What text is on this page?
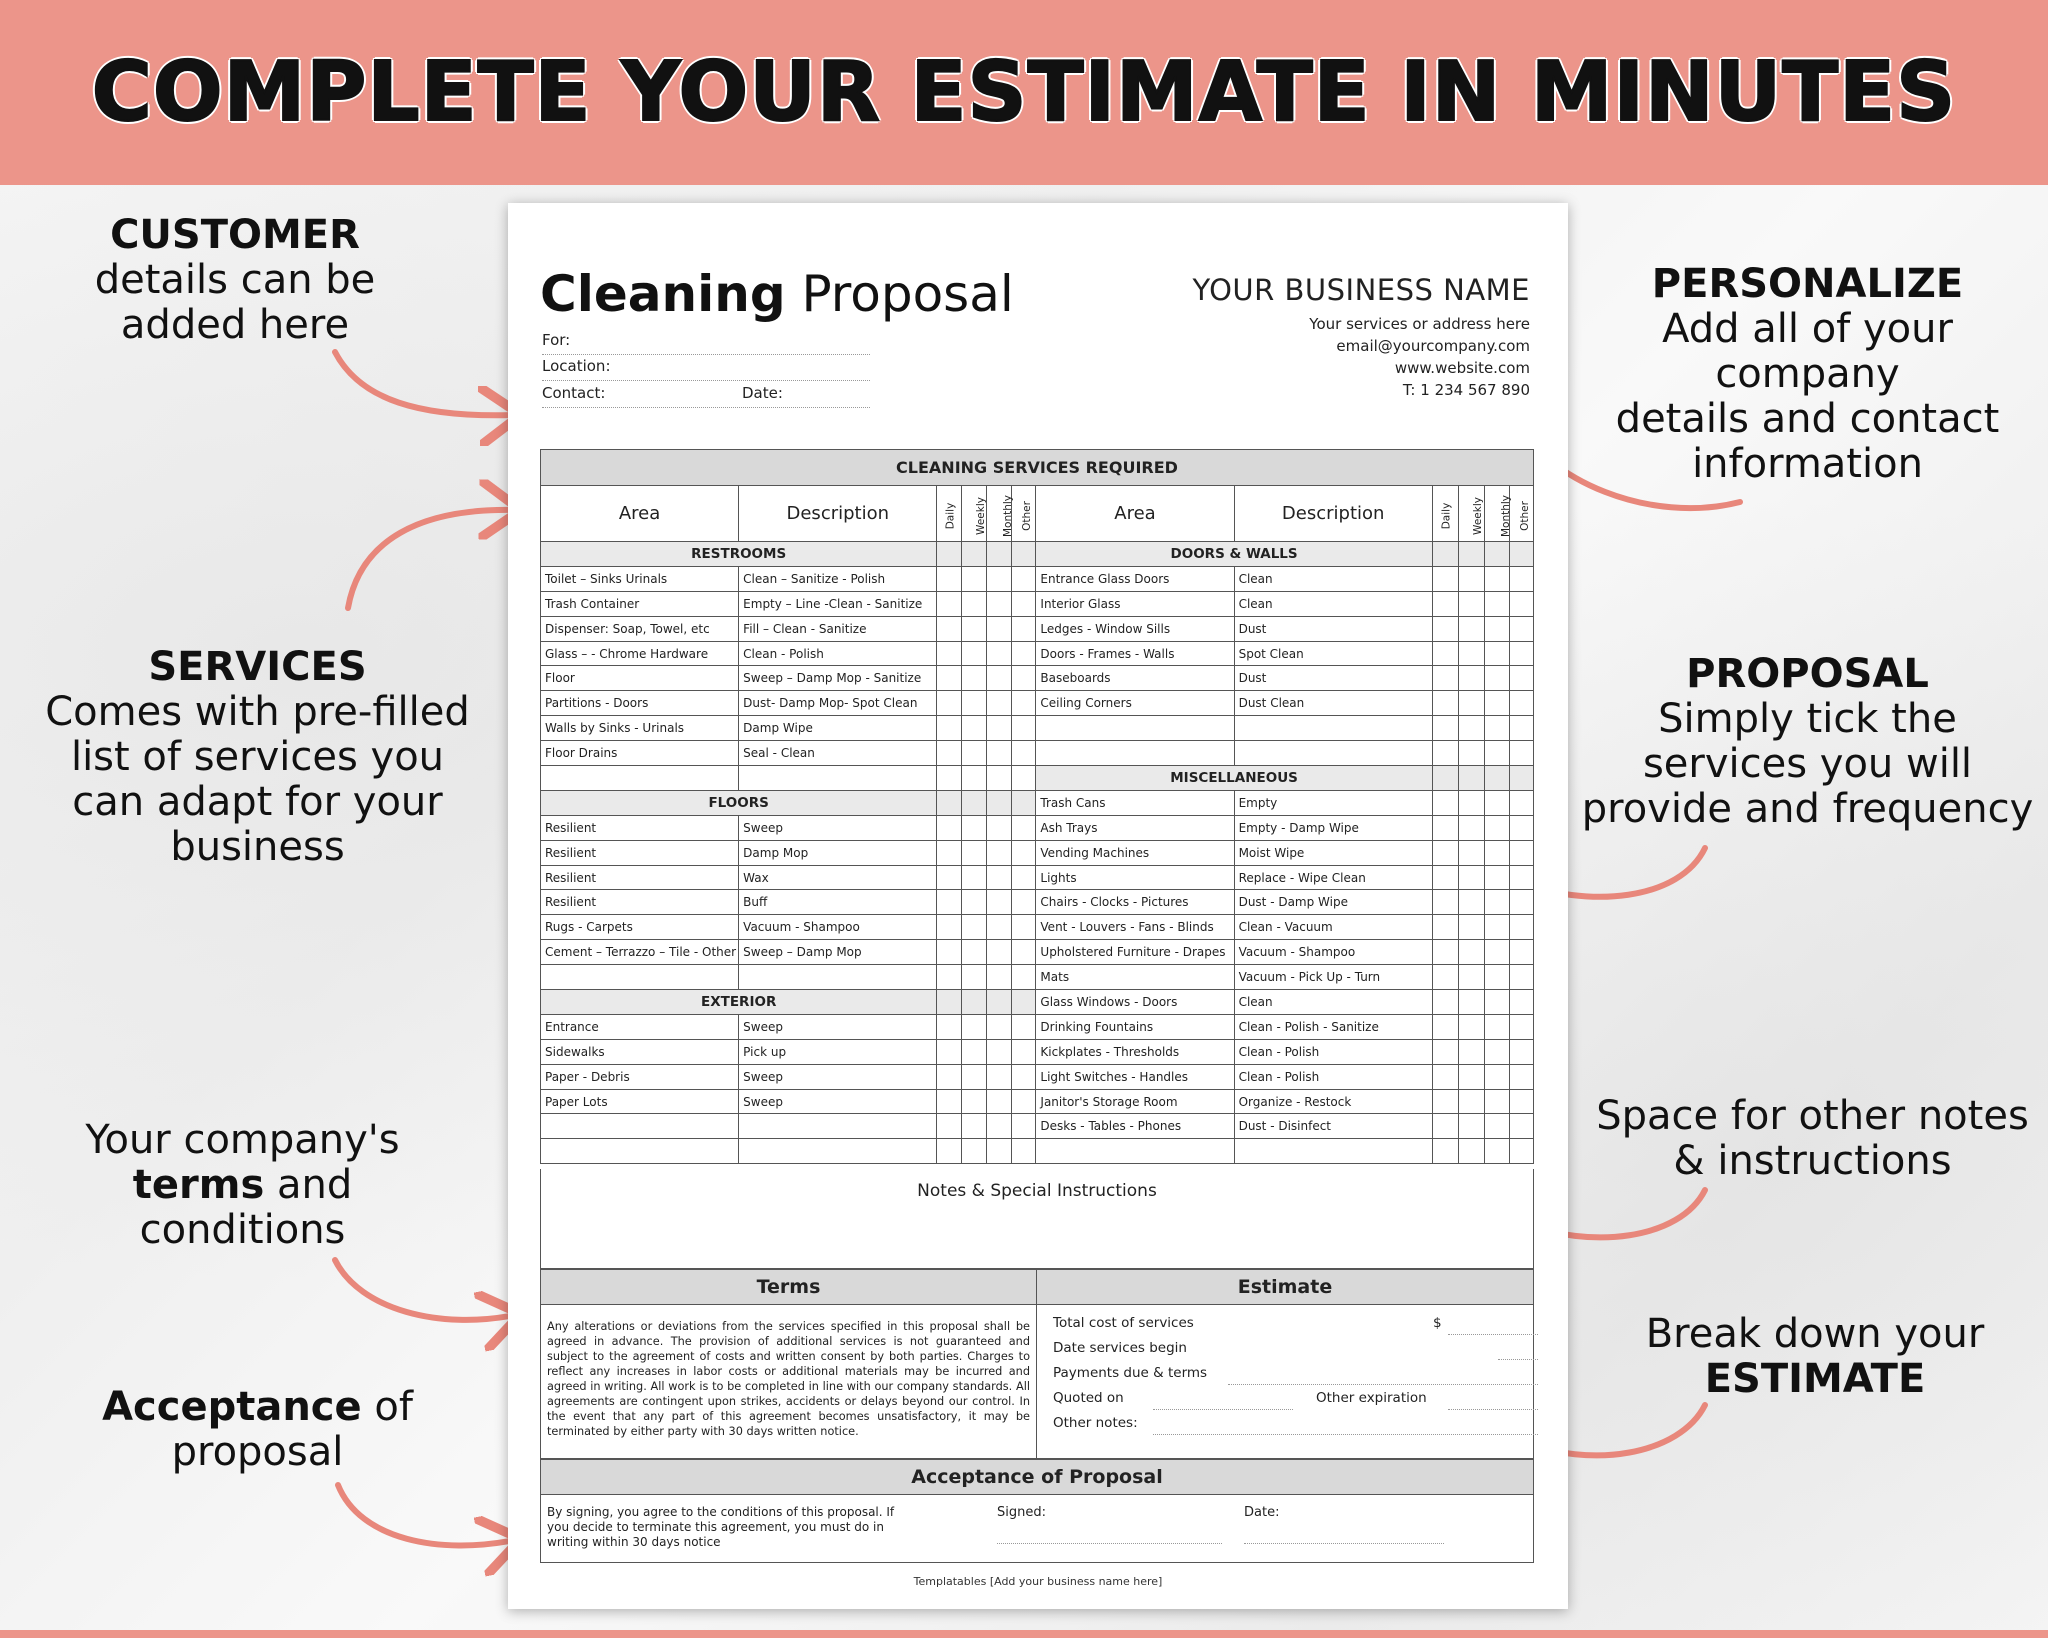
COMPLETE YOUR ESTIMATE IN MINUTES
CUSTOMER
details can be
added here
SERVICES
Comes with pre-filled
list of services you
can adapt for your
business
Your company's
terms and
conditions
Acceptance of
proposal
PERSONALIZE
Add all of your company
details and contact
information
PROPOSAL
Simply tick the
services you will
provide and frequency
Space for other notes
& instructions
Break down your
ESTIMATE
Cleaning Proposal
For:
Location:
Contact:	Date:
YOUR BUSINESS NAME
Your services or address here
email@yourcompany.com
www.website.com
T: 1 234 567 890
CLEANING SERVICES REQUIRED											
Area	Description	Daily	Weekly	Monthly	Other	Area	Description	Daily	Weekly	Monthly	Other
RESTROOMS						DOORS & WALLS					
Toilet – Sinks Urinals	Clean – Sanitize - Polish					Entrance Glass Doors	Clean				
Trash Container	Empty – Line -Clean - Sanitize					Interior Glass	Clean				
Dispenser: Soap, Towel, etc	Fill – Clean - Sanitize					Ledges - Window Sills	Dust				
Glass – - Chrome Hardware	Clean - Polish					Doors - Frames - Walls	Spot Clean				
Floor	Sweep – Damp Mop - Sanitize					Baseboards	Dust				
Partitions - Doors	Dust- Damp Mop- Spot Clean					Ceiling Corners	Dust Clean				
Walls by Sinks - Urinals	Damp Wipe										
Floor Drains	Seal - Clean										
						MISCELLANEOUS					
FLOORS						Trash Cans	Empty				
Resilient	Sweep					Ash Trays	Empty - Damp Wipe				
Resilient	Damp Mop					Vending Machines	Moist Wipe				
Resilient	Wax					Lights	Replace - Wipe Clean				
Resilient	Buff					Chairs - Clocks - Pictures	Dust - Damp Wipe				
Rugs - Carpets	Vacuum - Shampoo					Vent - Louvers - Fans - Blinds	Clean - Vacuum				
Cement – Terrazzo – Tile - Other	Sweep – Damp Mop					Upholstered Furniture - Drapes	Vacuum - Shampoo				
						Mats	Vacuum - Pick Up - Turn				
EXTERIOR						Glass Windows - Doors	Clean				
Entrance	Sweep					Drinking Fountains	Clean - Polish - Sanitize				
Sidewalks	Pick up					Kickplates - Thresholds	Clean - Polish				
Paper - Debris	Sweep					Light Switches - Handles	Clean - Polish				
Paper Lots	Sweep					Janitor's Storage Room	Organize - Restock				
						Desks - Tables - Phones	Dust - Disinfect				

Notes & Special Instructions
Terms
Any alterations or deviations from the services specified in this proposal shall be agreed in advance. The provision of additional services is not guaranteed and subject to the agreement of costs and written consent by both parties. Charges to reflect any increases in labor costs or additional materials may be incurred and agreed in writing. All work is to be completed in line with our company standards. All agreements are contingent upon strikes, accidents or delays beyond our control. In the event that any part of this agreement becomes unsatisfactory, it may be terminated by either party with 30 days written notice.
Estimate
Total cost of services	$
Date services begin
Payments due & terms
Quoted on	Other expiration
Other notes:
Acceptance of Proposal
By signing, you agree to the conditions of this proposal. If you decide to terminate this agreement, you must do in writing within 30 days notice
Signed:	Date:
Templatables [Add your business name here]
